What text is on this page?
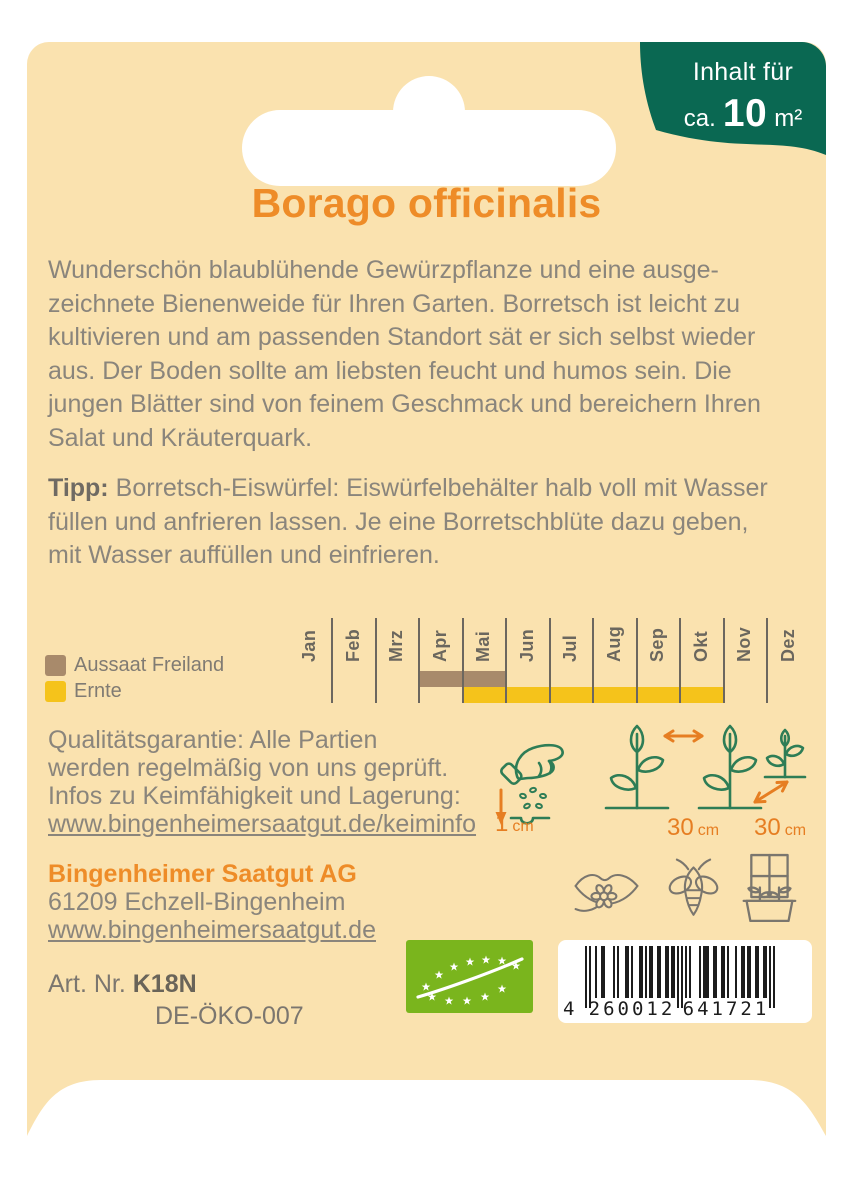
Inhalt für
ca. 10 m²
Borago officinalis
Wunderschön blaublühende Gewürzpflanze und eine ausge-
zeichnete Bienenweide für Ihren Garten. Borretsch ist leicht zu
kultivieren und am passenden Standort sät er sich selbst wieder
aus. Der Boden sollte am liebsten feucht und humos sein. Die
jungen Blätter sind von feinem Geschmack und bereichern Ihren
Salat und Kräuterquark.
Tipp: Borretsch-Eiswürfel: Eiswürfelbehälter halb voll mit Wasser
füllen und anfrieren lassen. Je eine Borretschblüte dazu geben,
mit Wasser auffüllen und einfrieren.
Aussaat Freiland
Ernte
Jan Feb Mrz Apr Mai Jun Jul Aug Sep Okt Nov Dez
Qualitätsgarantie: Alle Partien
werden regelmäßig von uns geprüft.
Infos zu Keimfähigkeit und Lagerung:
www.bingenheimersaatgut.de/keiminfo 1 cm	30 cm 30 cm
Bingenheimer Saatgut AG
61209 Echzell-Bingenheim
www.bingenheimersaatgut.de
Art. Nr. K18N
DE-ÖKO-007	4 260012 641721
